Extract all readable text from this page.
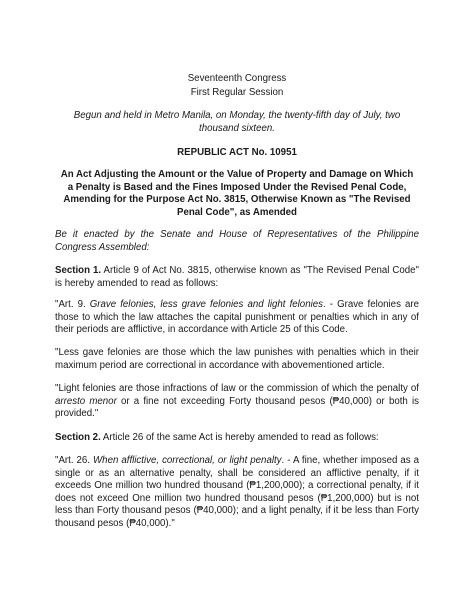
Seventeenth Congress

First Regular Session

Begun and held in Metro Manila, on Monday, the twenty-fifth day of July, two thousand sixteen.

REPUBLIC ACT No. 10951

An Act Adjusting the Amount or the Value of Property and Damage on Which a Penalty is Based and the Fines Imposed Under the Revised Penal Code, Amending for the Purpose Act No. 3815, Otherwise Known as "The Revised Penal Code", as Amended

Be it enacted by the Senate and House of Representatives of the Philippine Congress Assembled:

Section 1. Article 9 of Act No. 3815, otherwise known as "The Revised Penal Code" is hereby amended to read as follows:

"Art. 9. Grave felonies, less grave felonies and light felonies. - Grave felonies are those to which the law attaches the capital punishment or penalties which in any of their periods are afflictive, in accordance with Article 25 of this Code.

"Less gave felonies are those which the law punishes with penalties which in their maximum period are correctional in accordance with abovementioned article.

"Light felonies are those infractions of law or the commission of which the penalty of arresto menor or a fine not exceeding Forty thousand pesos (₱40,000) or both is provided."

Section 2. Article 26 of the same Act is hereby amended to read as follows:

"Art. 26. When afflictive, correctional, or light penalty. - A fine, whether imposed as a single or as an alternative penalty, shall be considered an afflictive penalty, if it exceeds One million two hundred thousand (₱1,200,000); a correctional penalty, if it does not exceed One million two hundred thousand pesos (₱1,200,000) but is not less than Forty thousand pesos (₱40,000); and a light penalty, if it be less than Forty thousand pesos (₱40,000)."
